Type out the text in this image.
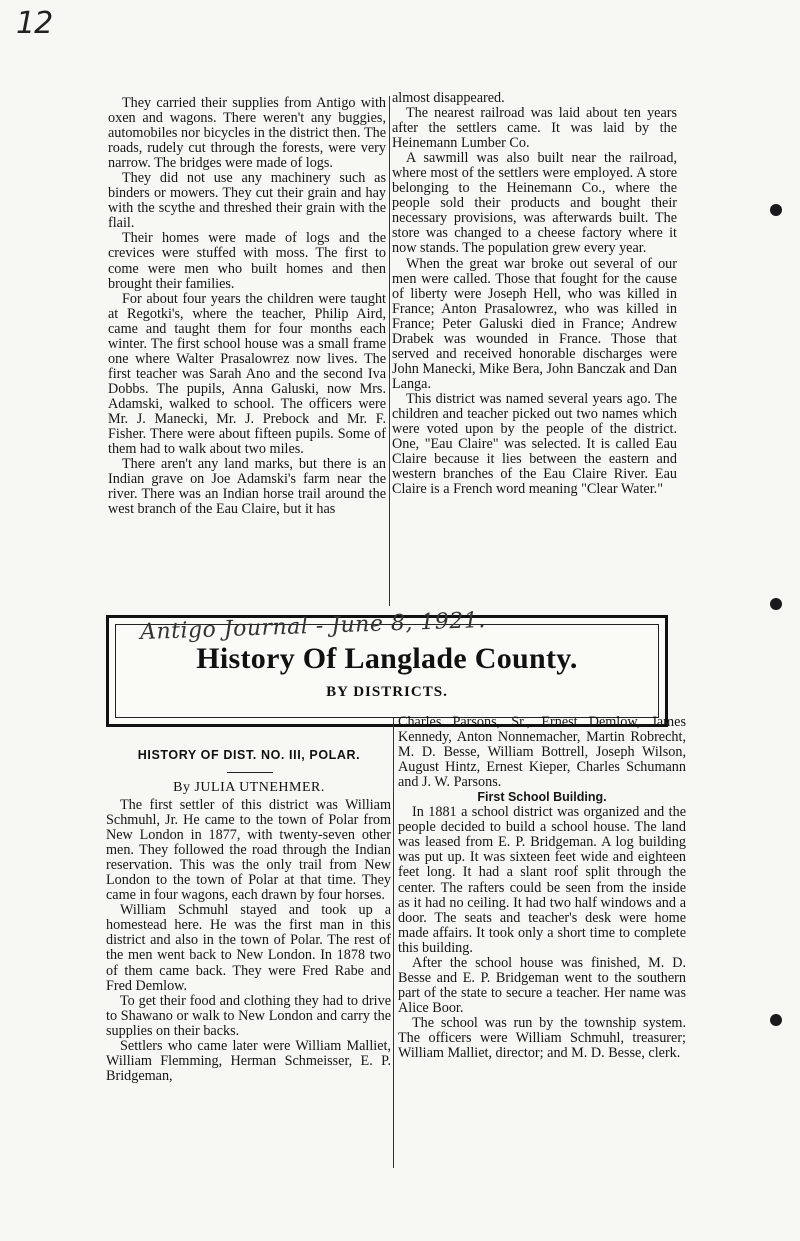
12

They carried their supplies from Antigo with oxen and wagons. There weren't any buggies, automobiles nor bicycles in the district then. The roads, rudely cut through the forests, were very narrow. The bridges were made of logs.

They did not use any machinery such as binders or mowers. They cut their grain and hay with the scythe and threshed their grain with the flail.

Their homes were made of logs and the crevices were stuffed with moss. The first to come were men who built homes and then brought their families.

For about four years the children were taught at Regotki's, where the teacher, Philip Aird, came and taught them for four months each winter. The first school house was a small frame one where Walter Prasalowrez now lives. The first teacher was Sarah Ano and the second Iva Dobbs. The pupils, Anna Galuski, now Mrs. Adamski, walked to school. The officers were Mr. J. Manecki, Mr. J. Prebock and Mr. F. Fisher. There were about fifteen pupils. Some of them had to walk about two miles.

There aren't any land marks, but there is an Indian grave on Joe Adamski's farm near the river. There was an Indian horse trail around the west branch of the Eau Claire, but it has

almost disappeared.

The nearest railroad was laid about ten years after the settlers came. It was laid by the Heinemann Lumber Co.

A sawmill was also built near the railroad, where most of the settlers were employed. A store belonging to the Heinemann Co., where the people sold their products and bought their necessary provisions, was afterwards built. The store was changed to a cheese factory where it now stands. The population grew every year.

When the great war broke out several of our men were called. Those that fought for the cause of liberty were Joseph Hell, who was killed in France; Anton Prasalowrez, who was killed in France; Peter Galuski died in France; Andrew Drabek was wounded in France. Those that served and received honorable discharges were John Manecki, Mike Bera, John Banczak and Dan Langa.

This district was named several years ago. The children and teacher picked out two names which were voted upon by the people of the district. One, "Eau Claire" was selected. It is called Eau Claire because it lies between the eastern and western branches of the Eau Claire River. Eau Claire is a French word meaning "Clear Water."

History Of Langlade County.
BY DISTRICTS.
Antigo Journal - June 8, 1921.
HISTORY OF DIST. NO. III, POLAR.
By JULIA UTNEHMER.

The first settler of this district was William Schmuhl, Jr. He came to the town of Polar from New London in 1877, with twenty-seven other men. They followed the road through the Indian reservation. This was the only trail from New London to the town of Polar at that time. They came in four wagons, each drawn by four horses.

William Schmuhl stayed and took up a homestead here. He was the first man in this district and also in the town of Polar. The rest of the men went back to New London. In 1878 two of them came back. They were Fred Rabe and Fred Demlow.

To get their food and clothing they had to drive to Shawano or walk to New London and carry the supplies on their backs.

Settlers who came later were William Malliet, William Flemming, Herman Schmeisser, E. P. Bridgeman,

Charles Parsons, Sr., Ernest Demlow, James Kennedy, Anton Nonnemacher, Martin Robrecht, M. D. Besse, William Bottrell, Joseph Wilson, August Hintz, Ernest Kieper, Charles Schumann and J. W. Parsons.

First School Building.

In 1881 a school district was organized and the people decided to build a school house. The land was leased from E. P. Bridgeman. A log building was put up. It was sixteen feet wide and eighteen feet long. It had a slant roof split through the center. The rafters could be seen from the inside as it had no ceiling. It had two half windows and a door. The seats and teacher's desk were home made affairs. It took only a short time to complete this building.

After the school house was finished, M. D. Besse and E. P. Bridgeman went to the southern part of the state to secure a teacher. Her name was Alice Boor.

The school was run by the township system. The officers were William Schmuhl, treasurer; William Malliet, director; and M. D. Besse, clerk.
